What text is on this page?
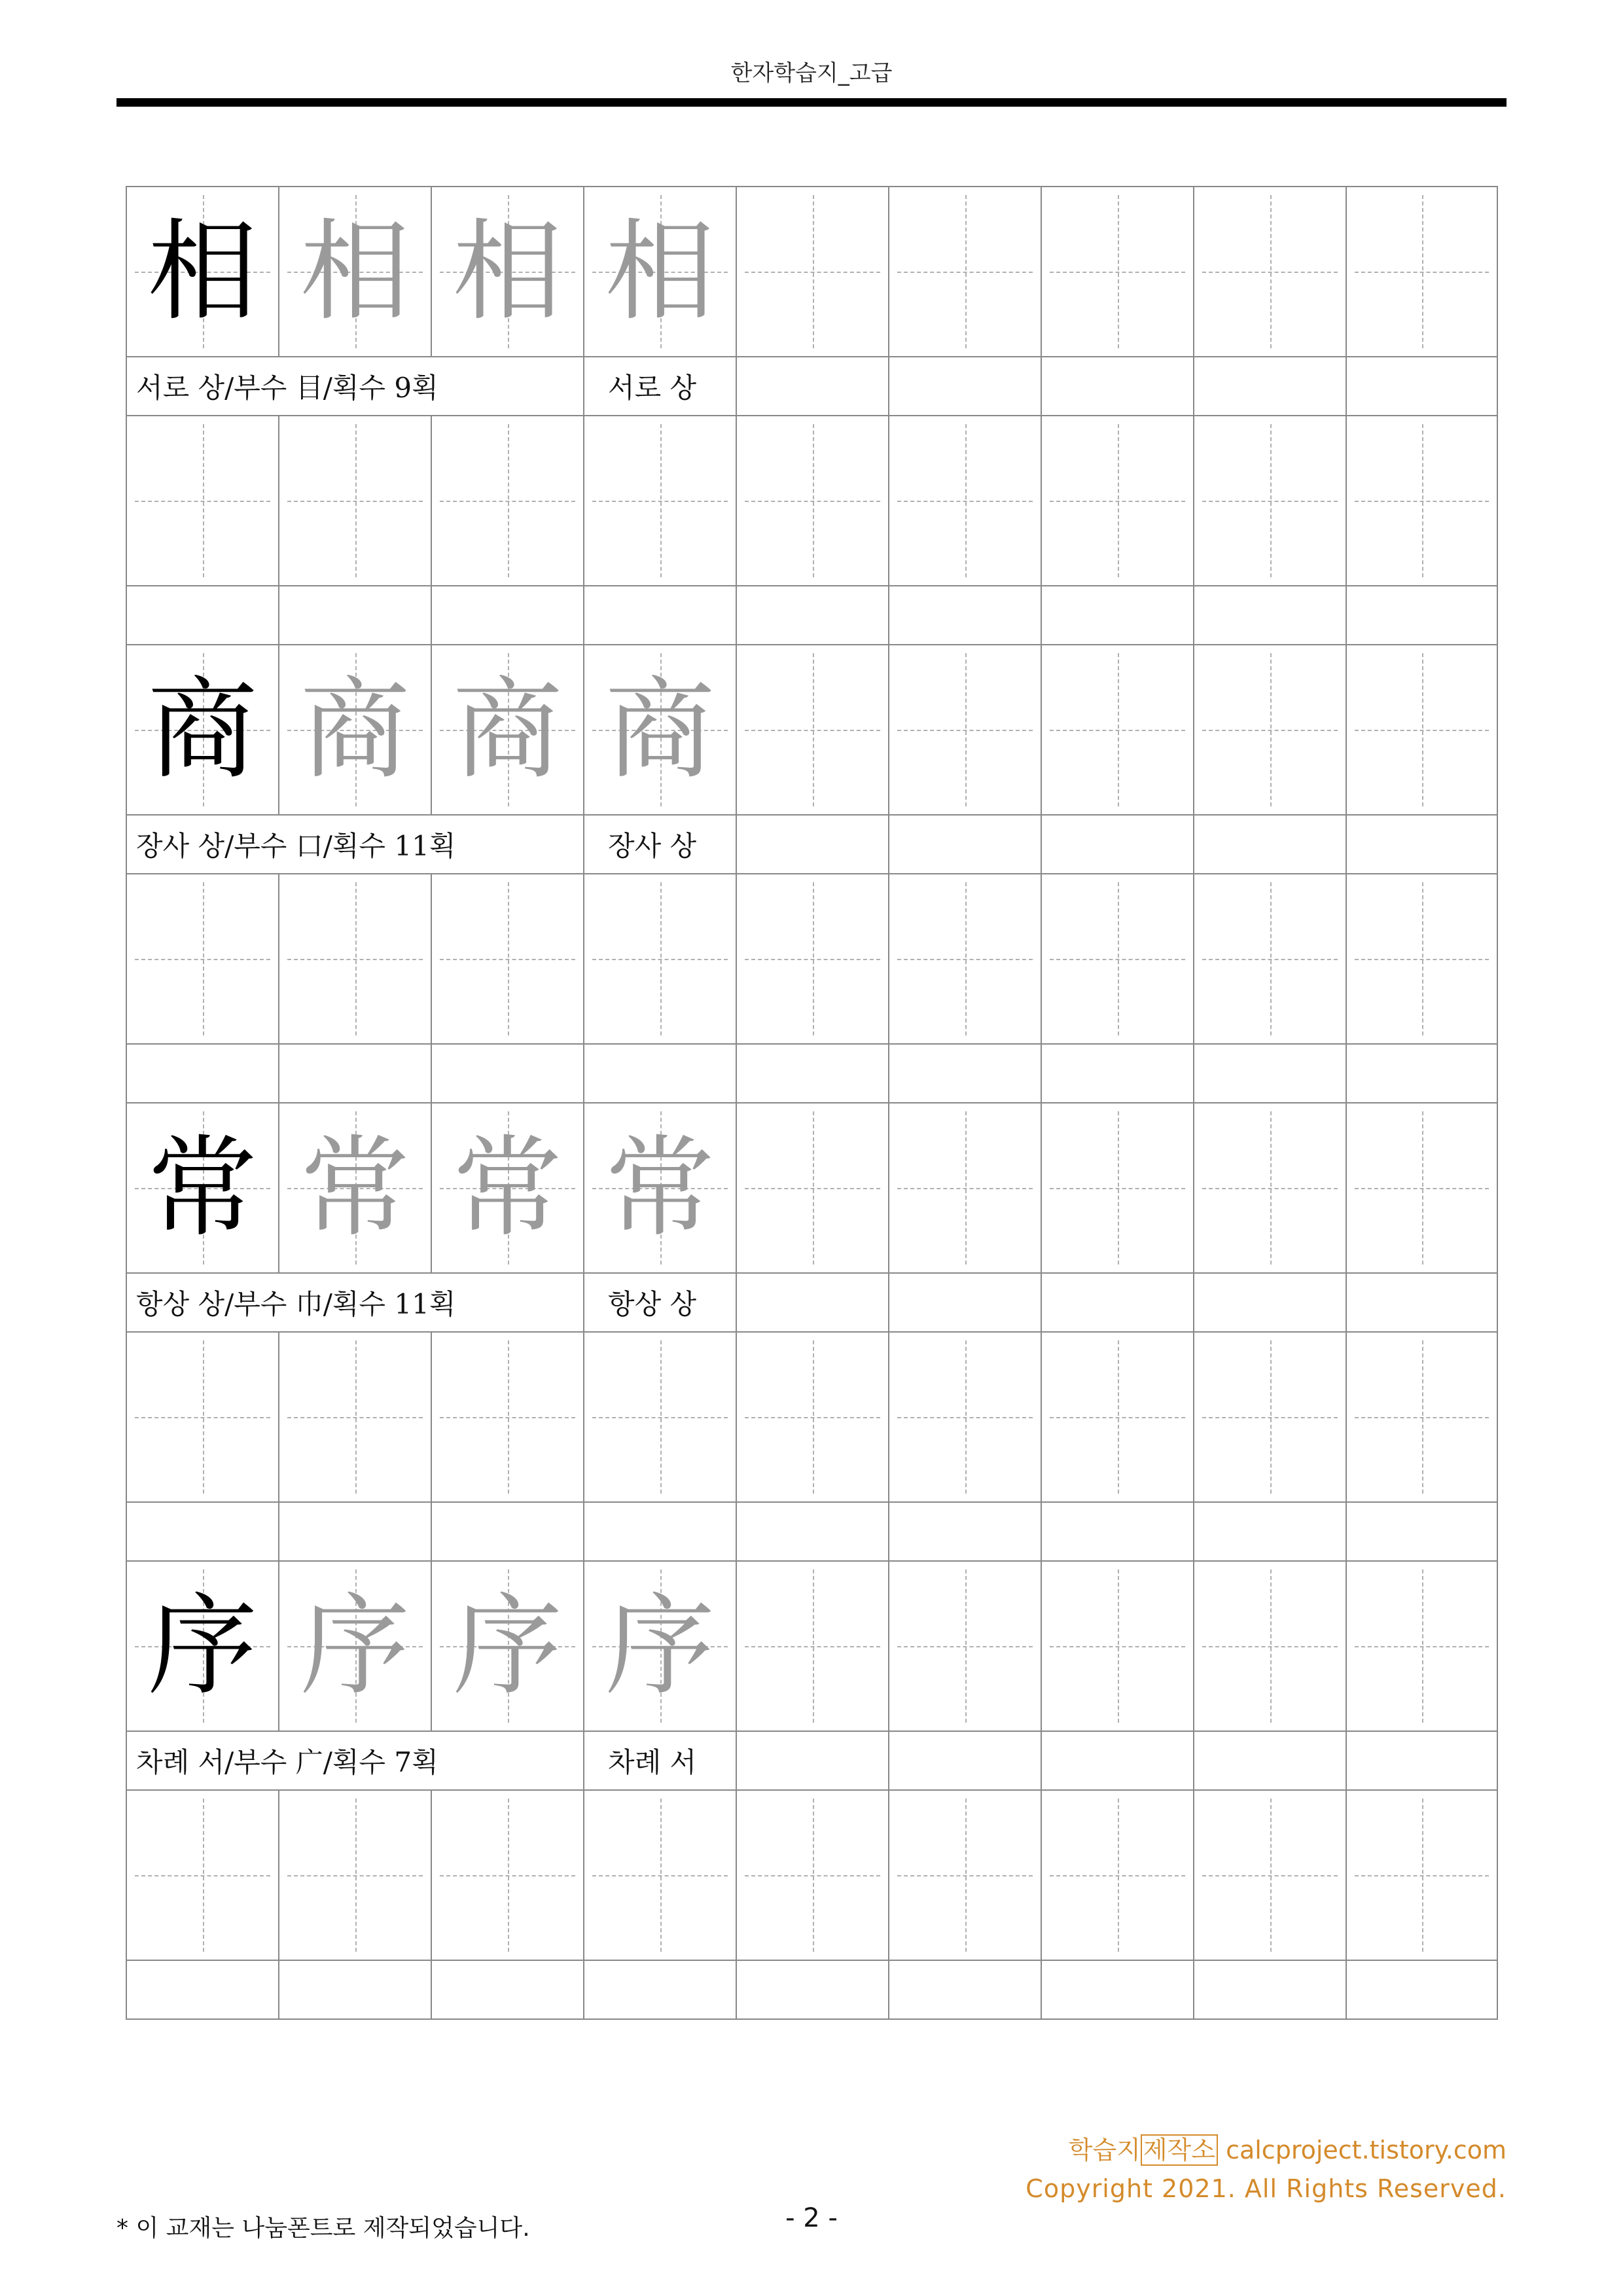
한자학습지_고급
相 相 相 相
서로 상/부수 目/획수 9획	서로 상
商 商 商 商
장사 상/부수 口/획수 11획	장사 상
常 常 常 常
항상 상/부수 巾/획수 11획	항상 상
序 序 序 序
차례 서/부수 广/획수 7획	차례 서
학습지 제작소 calcproject.tistory.com
Copyright 2021. All Rights Reserved.
* 이 교재는 나눔폰트로 제작되었습니다.	- 2 -
